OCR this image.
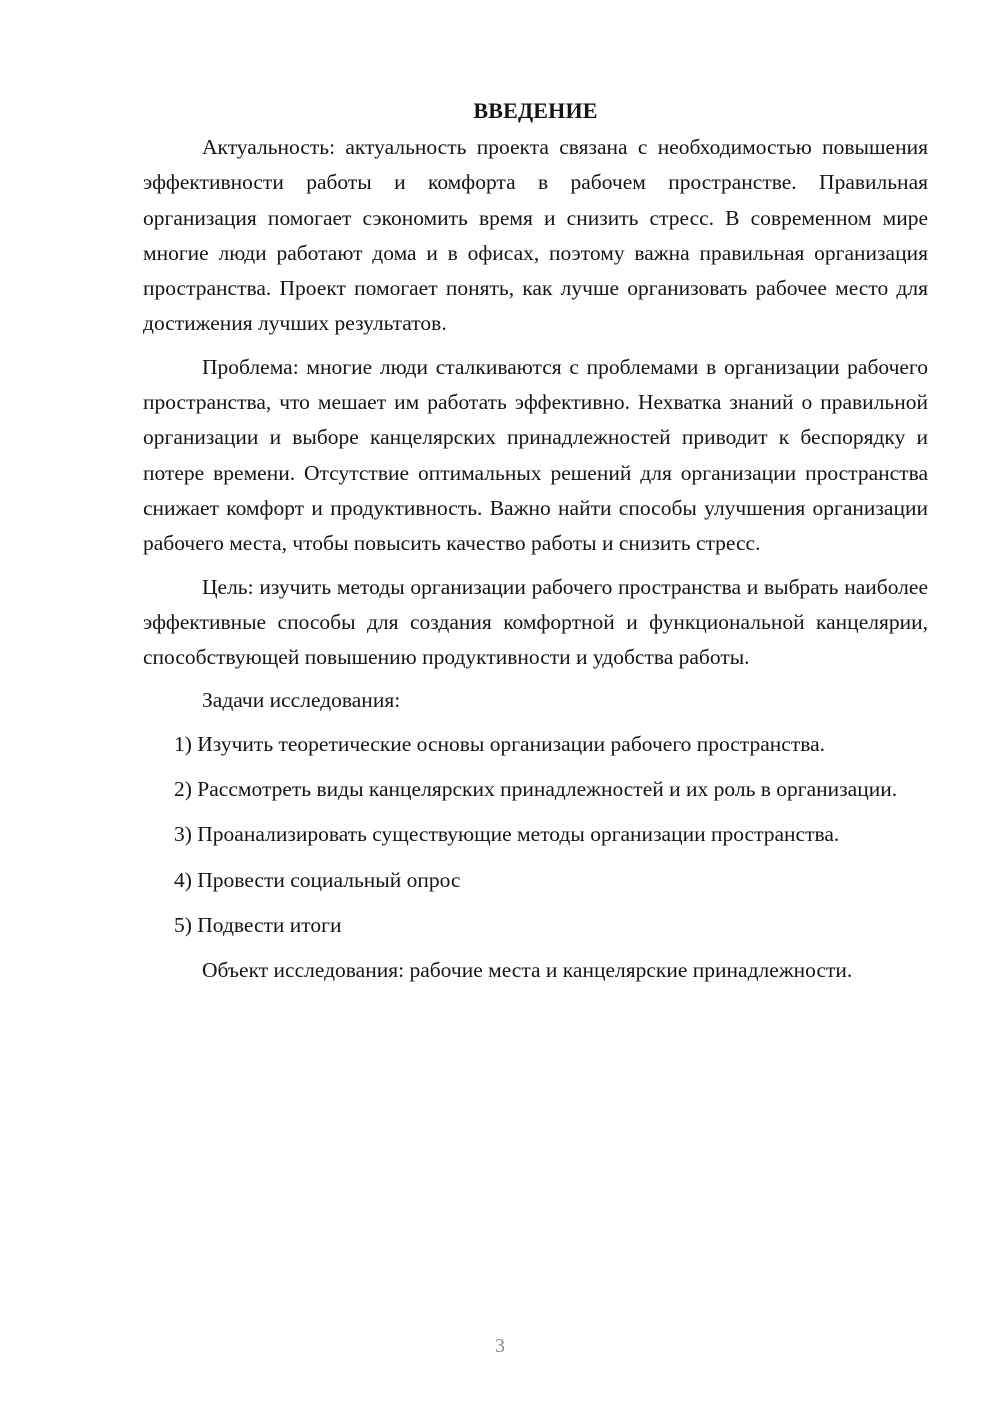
ВВЕДЕНИЕ

Актуальность: актуальность проекта связана с необходимостью повышения эффективности работы и комфорта в рабочем пространстве. Правильная организация помогает сэкономить время и снизить стресс. В современном мире многие люди работают дома и в офисах, поэтому важна правильная организация пространства. Проект помогает понять, как лучше организовать рабочее место для достижения лучших результатов.

Проблема: многие люди сталкиваются с проблемами в организации рабочего пространства, что мешает им работать эффективно. Нехватка знаний о правильной организации и выборе канцелярских принадлежностей приводит к беспорядку и потере времени. Отсутствие оптимальных решений для организации пространства снижает комфорт и продуктивность. Важно найти способы улучшения организации рабочего места, чтобы повысить качество работы и снизить стресс.

Цель: изучить методы организации рабочего пространства и выбрать наиболее эффективные способы для создания комфортной и функциональной канцелярии, способствующей повышению продуктивности и удобства работы.

Задачи исследования:

1) Изучить теоретические основы организации рабочего пространства.

2) Рассмотреть виды канцелярских принадлежностей и их роль в организации.

3) Проанализировать существующие методы организации пространства.

4) Провести социальный опрос

5) Подвести итоги

Объект исследования: рабочие места и канцелярские принадлежности.

3
